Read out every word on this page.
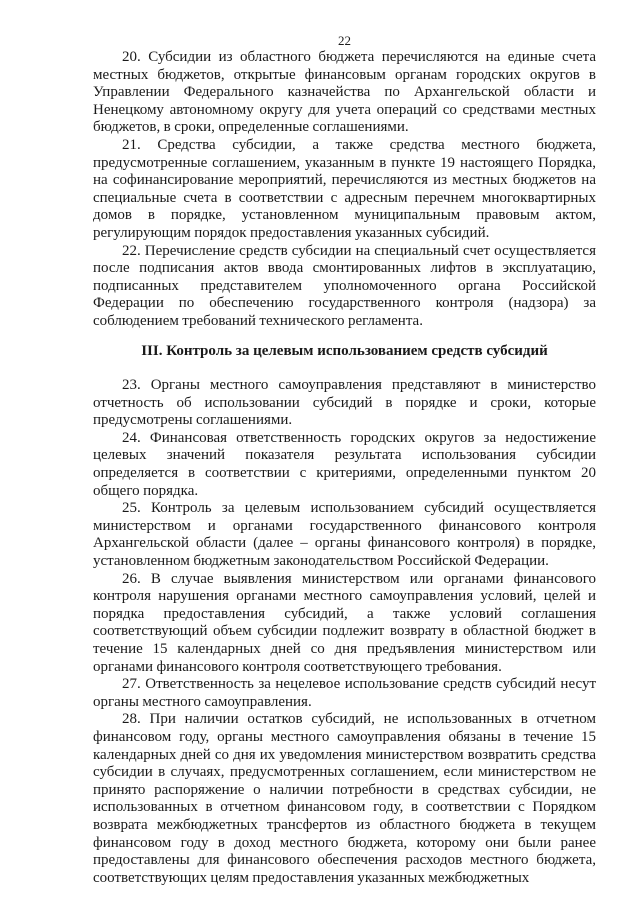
22

20. Субсидии из областного бюджета перечисляются на единые счета местных бюджетов, открытые финансовым органам городских округов в Управлении Федерального казначейства по Архангельской области и Ненецкому автономному округу для учета операций со средствами местных бюджетов, в сроки, определенные соглашениями.

21. Средства субсидии, а также средства местного бюджета, предусмотренные соглашением, указанным в пункте 19 настоящего Порядка, на софинансирование мероприятий, перечисляются из местных бюджетов на специальные счета в соответствии с адресным перечнем многоквартирных домов в порядке, установленном муниципальным правовым актом, регулирующим порядок предоставления указанных субсидий.

22. Перечисление средств субсидии на специальный счет осуществляется после подписания актов ввода смонтированных лифтов в эксплуатацию, подписанных представителем уполномоченного органа Российской Федерации по обеспечению государственного контроля (надзора) за соблюдением требований технического регламента.

III. Контроль за целевым использованием средств субсидий

23. Органы местного самоуправления представляют в министерство отчетность об использовании субсидий в порядке и сроки, которые предусмотрены соглашениями.

24. Финансовая ответственность городских округов за недостижение целевых значений показателя результата использования субсидии определяется в соответствии с критериями, определенными пунктом 20 общего порядка.

25. Контроль за целевым использованием субсидий осуществляется министерством и органами государственного финансового контроля Архангельской области (далее – органы финансового контроля) в порядке, установленном бюджетным законодательством Российской Федерации.

26. В случае выявления министерством или органами финансового контроля нарушения органами местного самоуправления условий, целей и порядка предоставления субсидий, а также условий соглашения соответствующий объем субсидии подлежит возврату в областной бюджет в течение 15 календарных дней со дня предъявления министерством или органами финансового контроля соответствующего требования.

27. Ответственность за нецелевое использование средств субсидий несут органы местного самоуправления.

28. При наличии остатков субсидий, не использованных в отчетном финансовом году, органы местного самоуправления обязаны в течение 15 календарных дней со дня их уведомления министерством возвратить средства субсидии в случаях, предусмотренных соглашением, если министерством не принято распоряжение о наличии потребности в средствах субсидии, не использованных в отчетном финансовом году, в соответствии с Порядком возврата межбюджетных трансфертов из областного бюджета в текущем финансовом году в доход местного бюджета, которому они были ранее предоставлены для финансового обеспечения расходов местного бюджета, соответствующих целям предоставления указанных межбюджетных
